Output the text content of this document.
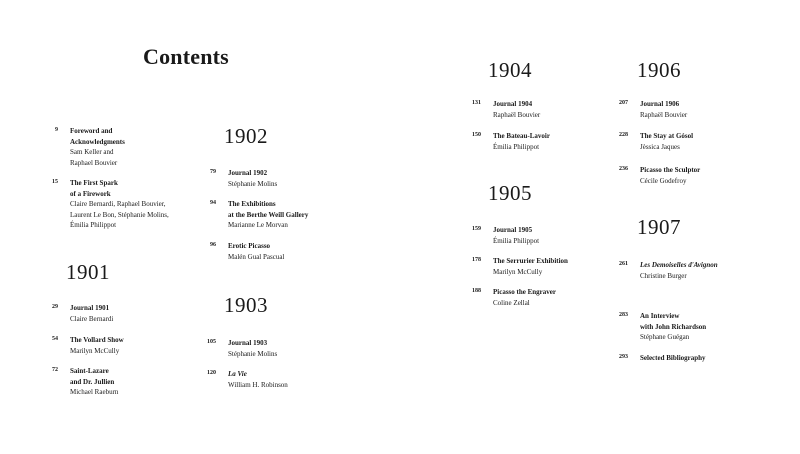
Contents
1901
1902
1903
1904
1905
1906
1907
9 Foreword and
Acknowledgments
Sam Keller and
Raphael Bouvier
15 The First Spark
of a Firework
Claire Bernardi, Raphael Bouvier,
Laurent Le Bon, Stéphanie Molins,
Émilia Philippot
29 Journal 1901
Claire Bernardi
54 The Vollard Show
Marilyn McCully
72 Saint-Lazare
and Dr. Jullien
Michael Raeburn
79 Journal 1902
Stéphanie Molins
94 The Exhibitions
at the Berthe Weill Gallery
Marianne Le Morvan
96 Erotic Picasso
Malén Gual Pascual
105 Journal 1903
Stéphanie Molins
120 La Vie
William H. Robinson
131 Journal 1904
Raphaël Bouvier
150 The Bateau-Lavoir
Émilia Philippot
159 Journal 1905
Émilia Philippot
178 The Serrurier Exhibition
Marilyn McCully
188 Picasso the Engraver
Coline Zellal
207 Journal 1906
Raphaël Bouvier
228 The Stay at Gósol
Jèssica Jaques
236 Picasso the Sculptor
Cécile Godefroy
261 Les Demoiselles d'Avignon
Christine Burger
283 An Interview
with John Richardson
Stéphane Guégan
293 Selected Bibliography
